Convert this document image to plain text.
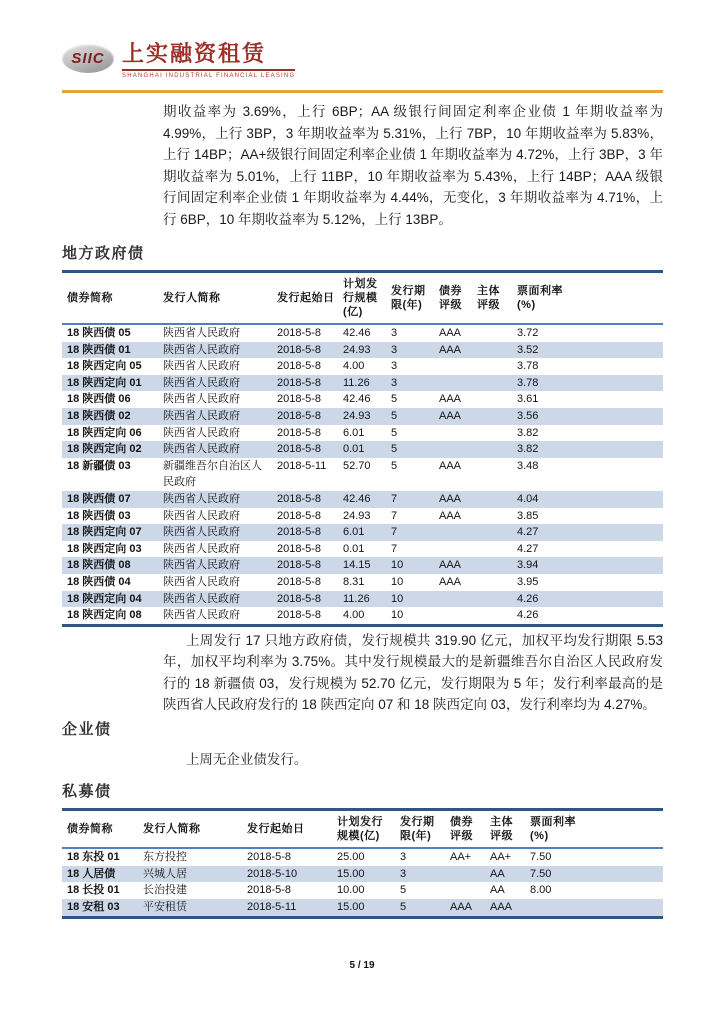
SIIC 上实融资租赁
SHANGHAI INDUSTRIAL FINANCIAL LEASING

期收益率为 3.69%，上行 6BP；AA 级银行间固定利率企业债 1 年期收益率为 4.99%，上行 3BP，3 年期收益率为 5.31%，上行 7BP，10 年期收益率为 5.83%，上行 14BP；AA+级银行间固定利率企业债 1 年期收益率为 4.72%，上行 3BP，3 年期收益率为 5.01%，上行 11BP，10 年期收益率为 5.43%，上行 14BP；AAA 级银行间固定利率企业债 1 年期收益率为 4.44%，无变化，3 年期收益率为 4.71%，上行 6BP，10 年期收益率为 5.12%，上行 13BP。

地方政府债
债券简称	发行人简称	发行起始日	计划发行规模(亿)	发行期限(年)	债券评级	主体评级	票面利率(%)
18 陕西债 05	陕西省人民政府	2018-5-8	42.46	3	AAA		3.72
18 陕西债 01	陕西省人民政府	2018-5-8	24.93	3	AAA		3.52
18 陕西定向 05	陕西省人民政府	2018-5-8	4.00	3			3.78
18 陕西定向 01	陕西省人民政府	2018-5-8	11.26	3			3.78
18 陕西债 06	陕西省人民政府	2018-5-8	42.46	5	AAA		3.61
18 陕西债 02	陕西省人民政府	2018-5-8	24.93	5	AAA		3.56
18 陕西定向 06	陕西省人民政府	2018-5-8	6.01	5			3.82
18 陕西定向 02	陕西省人民政府	2018-5-8	0.01	5			3.82
18 新疆债 03	新疆维吾尔自治区人民政府	2018-5-11	52.70	5	AAA		3.48
18 陕西债 07	陕西省人民政府	2018-5-8	42.46	7	AAA		4.04
18 陕西债 03	陕西省人民政府	2018-5-8	24.93	7	AAA		3.85
18 陕西定向 07	陕西省人民政府	2018-5-8	6.01	7			4.27
18 陕西定向 03	陕西省人民政府	2018-5-8	0.01	7			4.27
18 陕西债 08	陕西省人民政府	2018-5-8	14.15	10	AAA		3.94
18 陕西债 04	陕西省人民政府	2018-5-8	8.31	10	AAA		3.95
18 陕西定向 04	陕西省人民政府	2018-5-8	11.26	10			4.26
18 陕西定向 08	陕西省人民政府	2018-5-8	4.00	10			4.26

上周发行 17 只地方政府债，发行规模共 319.90 亿元，加权平均发行期限 5.53 年，加权平均利率为 3.75%。其中发行规模最大的是新疆维吾尔自治区人民政府发行的 18 新疆债 03，发行规模为 52.70 亿元，发行期限为 5 年；发行利率最高的是陕西省人民政府发行的 18 陕西定向 07 和 18 陕西定向 03，发行利率均为 4.27%。

企业债

上周无企业债发行。

私募债
债券简称	发行人简称	发行起始日	计划发行规模(亿)	发行期限(年)	债券评级	主体评级	票面利率(%)
18 东投 01	东方投控	2018-5-8	25.00	3	AA+	AA+	7.50
18 人居债	兴城人居	2018-5-10	15.00	3		AA	7.50
18 长投 01	长治投建	2018-5-8	10.00	5		AA	8.00
18 安租 03	平安租赁	2018-5-11	15.00	5	AAA	AAA	
5 / 19
